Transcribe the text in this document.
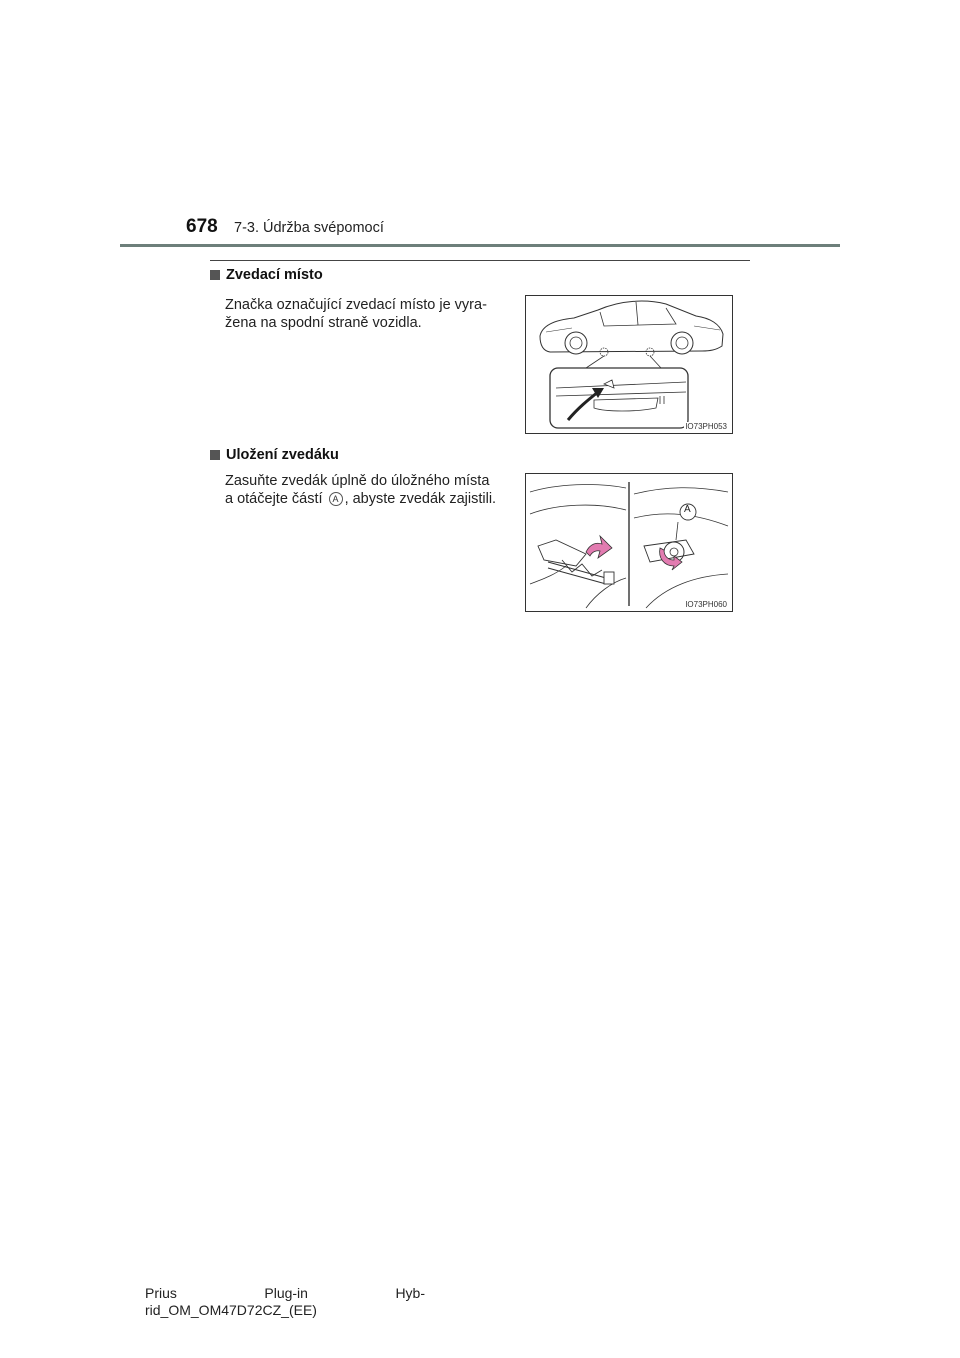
678 7-3. Údržba svépomocí
Zvedací místo

Značka označující zvedací místo je vyra-

žena na spodní straně vozidla.

IO73PH053
Uložení zvedáku

Zasuňte zvedák úplně do úložného místa

a otáčejte částí A , abyste zvedák zajistili.

A
IO73PH060
Prius	Plug-in	Hyb-
rid_OM_OM47D72CZ_(EE)
